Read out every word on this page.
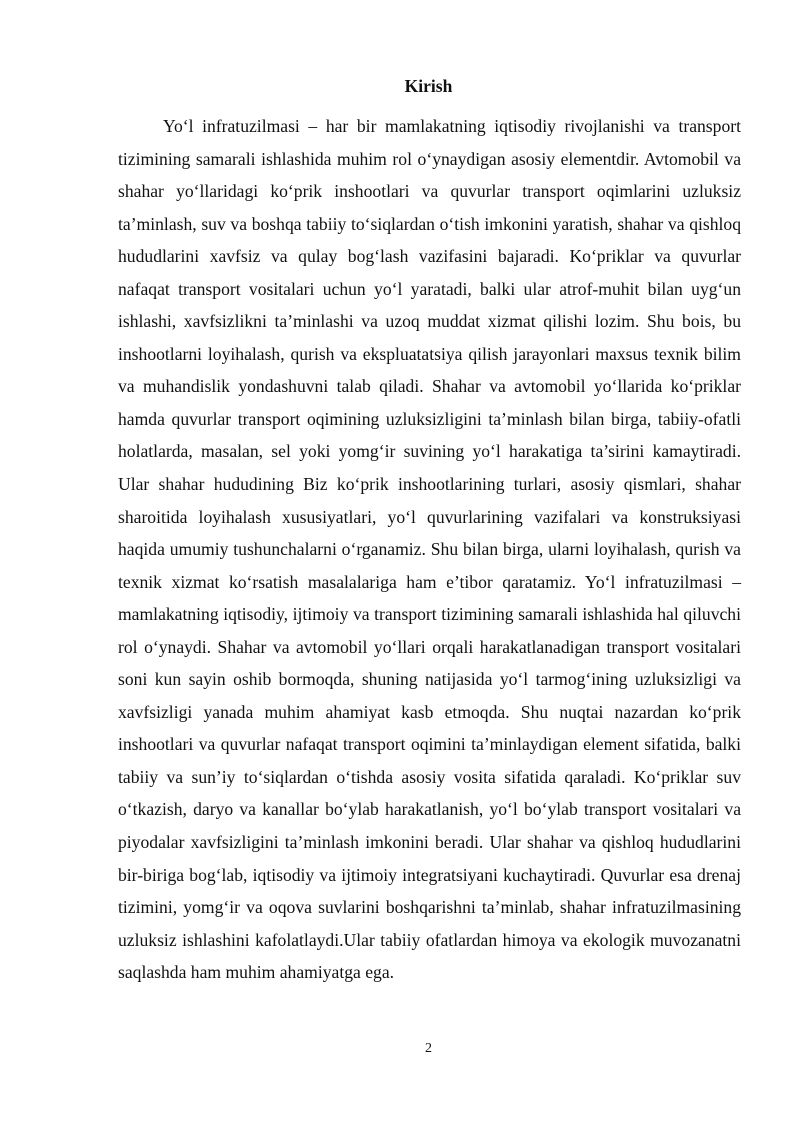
Kirish

Yo‘l infratuzilmasi – har bir mamlakatning iqtisodiy rivojlanishi va transport tizimining samarali ishlashida muhim rol o‘ynaydigan asosiy elementdir. Avtomobil va shahar yo‘llaridagi ko‘prik inshootlari va quvurlar transport oqimlarini uzluksiz ta’minlash, suv va boshqa tabiiy to‘siqlardan o‘tish imkonini yaratish, shahar va qishloq hududlarini xavfsiz va qulay bog‘lash vazifasini bajaradi. Ko‘priklar va quvurlar nafaqat transport vositalari uchun yo‘l yaratadi, balki ular atrof-muhit bilan uyg‘un ishlashi, xavfsizlikni ta’minlashi va uzoq muddat xizmat qilishi lozim. Shu bois, bu inshootlarni loyihalash, qurish va ekspluatatsiya qilish jarayonlari maxsus texnik bilim va muhandislik yondashuvni talab qiladi. Shahar va avtomobil yo‘llarida ko‘priklar hamda quvurlar transport oqimining uzluksizligini ta’minlash bilan birga, tabiiy-ofatli holatlarda, masalan, sel yoki yomg‘ir suvining yo‘l harakatiga ta’sirini kamaytiradi. Ular shahar hududining Biz ko‘prik inshootlarining turlari, asosiy qismlari, shahar sharoitida loyihalash xususiyatlari, yo‘l quvurlarining vazifalari va konstruksiyasi haqida umumiy tushunchalarni o‘rganamiz. Shu bilan birga, ularni loyihalash, qurish va texnik xizmat ko‘rsatish masalalariga ham e’tibor qaratamiz. Yo‘l infratuzilmasi – mamlakatning iqtisodiy, ijtimoiy va transport tizimining samarali ishlashida hal qiluvchi rol o‘ynaydi. Shahar va avtomobil yo‘llari orqali harakatlanadigan transport vositalari soni kun sayin oshib bormoqda, shuning natijasida yo‘l tarmog‘ining uzluksizligi va xavfsizligi yanada muhim ahamiyat kasb etmoqda. Shu nuqtai nazardan ko‘prik inshootlari va quvurlar nafaqat transport oqimini ta’minlaydigan element sifatida, balki tabiiy va sun’iy to‘siqlardan o‘tishda asosiy vosita sifatida qaraladi. Ko‘priklar suv o‘tkazish, daryo va kanallar bo‘ylab harakatlanish, yo‘l bo‘ylab transport vositalari va piyodalar xavfsizligini ta’minlash imkonini beradi. Ular shahar va qishloq hududlarini bir-biriga bog‘lab, iqtisodiy va ijtimoiy integratsiyani kuchaytiradi. Quvurlar esa drenaj tizimini, yomg‘ir va oqova suvlarini boshqarishni ta’minlab, shahar infratuzilmasining uzluksiz ishlashini kafolatlaydi.Ular tabiiy ofatlardan himoya va ekologik muvozanatni saqlashda ham muhim ahamiyatga ega.

2
